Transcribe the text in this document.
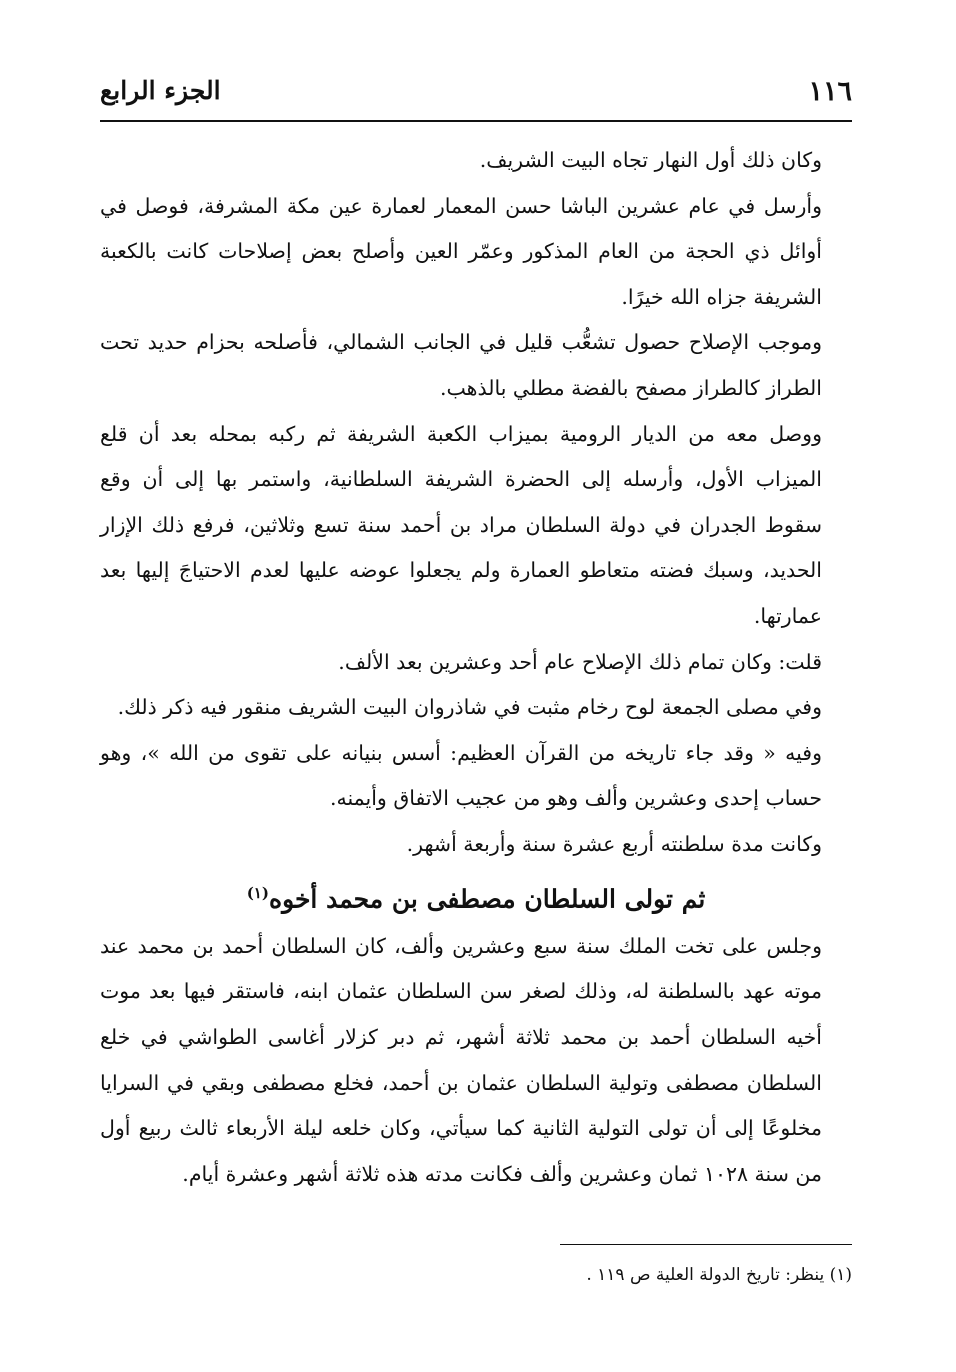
١١٦
الجزء الرابع

وكان ذلك أول النهار تجاه البيت الشريف.

وأرسل في عام عشرين الباشا حسن المعمار لعمارة عين مكة المشرفة، فوصل في أوائل ذي الحجة من العام المذكور وعمّر العين وأصلح بعض إصلاحات كانت بالكعبة الشريفة جزاه الله خيرًا.

وموجب الإصلاح حصول تشعُّب قليل في الجانب الشمالي، فأصلحه بحزام حديد تحت الطراز كالطراز مصفح بالفضة مطلي بالذهب.

ووصل معه من الديار الرومية بميزاب الكعبة الشريفة ثم ركبه بمحله بعد أن قلع الميزاب الأول، وأرسله إلى الحضرة الشريفة السلطانية، واستمر بها إلى أن وقع سقوط الجدران في دولة السلطان مراد بن أحمد سنة تسع وثلاثين، فرفع ذلك الإزار الحديد، وسبك فضته متعاطو العمارة ولم يجعلوا عوضه عليها لعدم الاحتياجَ إليها بعد عمارتها.

قلت: وكان تمام ذلك الإصلاح عام أحد وعشرين بعد الألف.

وفي مصلى الجمعة لوح رخام مثبت في شاذروان البيت الشريف منقور فيه ذكر ذلك.

وفيه « وقد جاء تاريخه من القرآن العظيم: أسس بنيانه على تقوى من الله »، وهو حساب إحدى وعشرين وألف وهو من عجيب الاتفاق وأيمنه.

وكانت مدة سلطنته أربع عشرة سنة وأربعة أشهر.

ثم تولى السلطان مصطفى بن محمد أخوه$^{(١)}$

وجلس على تخت الملك سنة سبع وعشرين وألف، كان السلطان أحمد بن محمد عند موته عهد بالسلطنة له، وذلك لصغر سن السلطان عثمان ابنه، فاستقر فيها بعد موت أخيه السلطان أحمد بن محمد ثلاثة أشهر، ثم دبر كزلار أغاسى الطواشي في خلع السلطان مصطفى وتولية السلطان عثمان بن أحمد، فخلع مصطفى وبقي في السرايا مخلوعًا إلى أن تولى التولية الثانية كما سيأتي، وكان خلعه ليلة الأربعاء ثالث ربيع أول من سنة ١٠٢٨ ثمان وعشرين وألف فكانت مدته هذه ثلاثة أشهر وعشرة أيام.

(١) ينظر: تاريخ الدولة العلية ص ١١٩ .
